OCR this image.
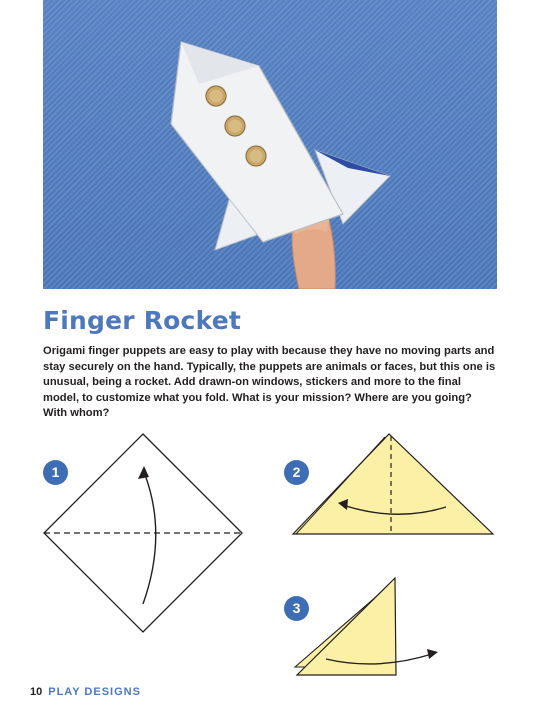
Finger Rocket

Origami finger puppets are easy to play with because they have no moving parts and stay securely on the hand. Typically, the puppets are animals or faces, but this one is unusual, being a rocket. Add drawn-on windows, stickers and more to the final model, to customize what you fold. What is your mission? Where are you going? With whom?

1	2
3
10 PLAY DESIGNS
